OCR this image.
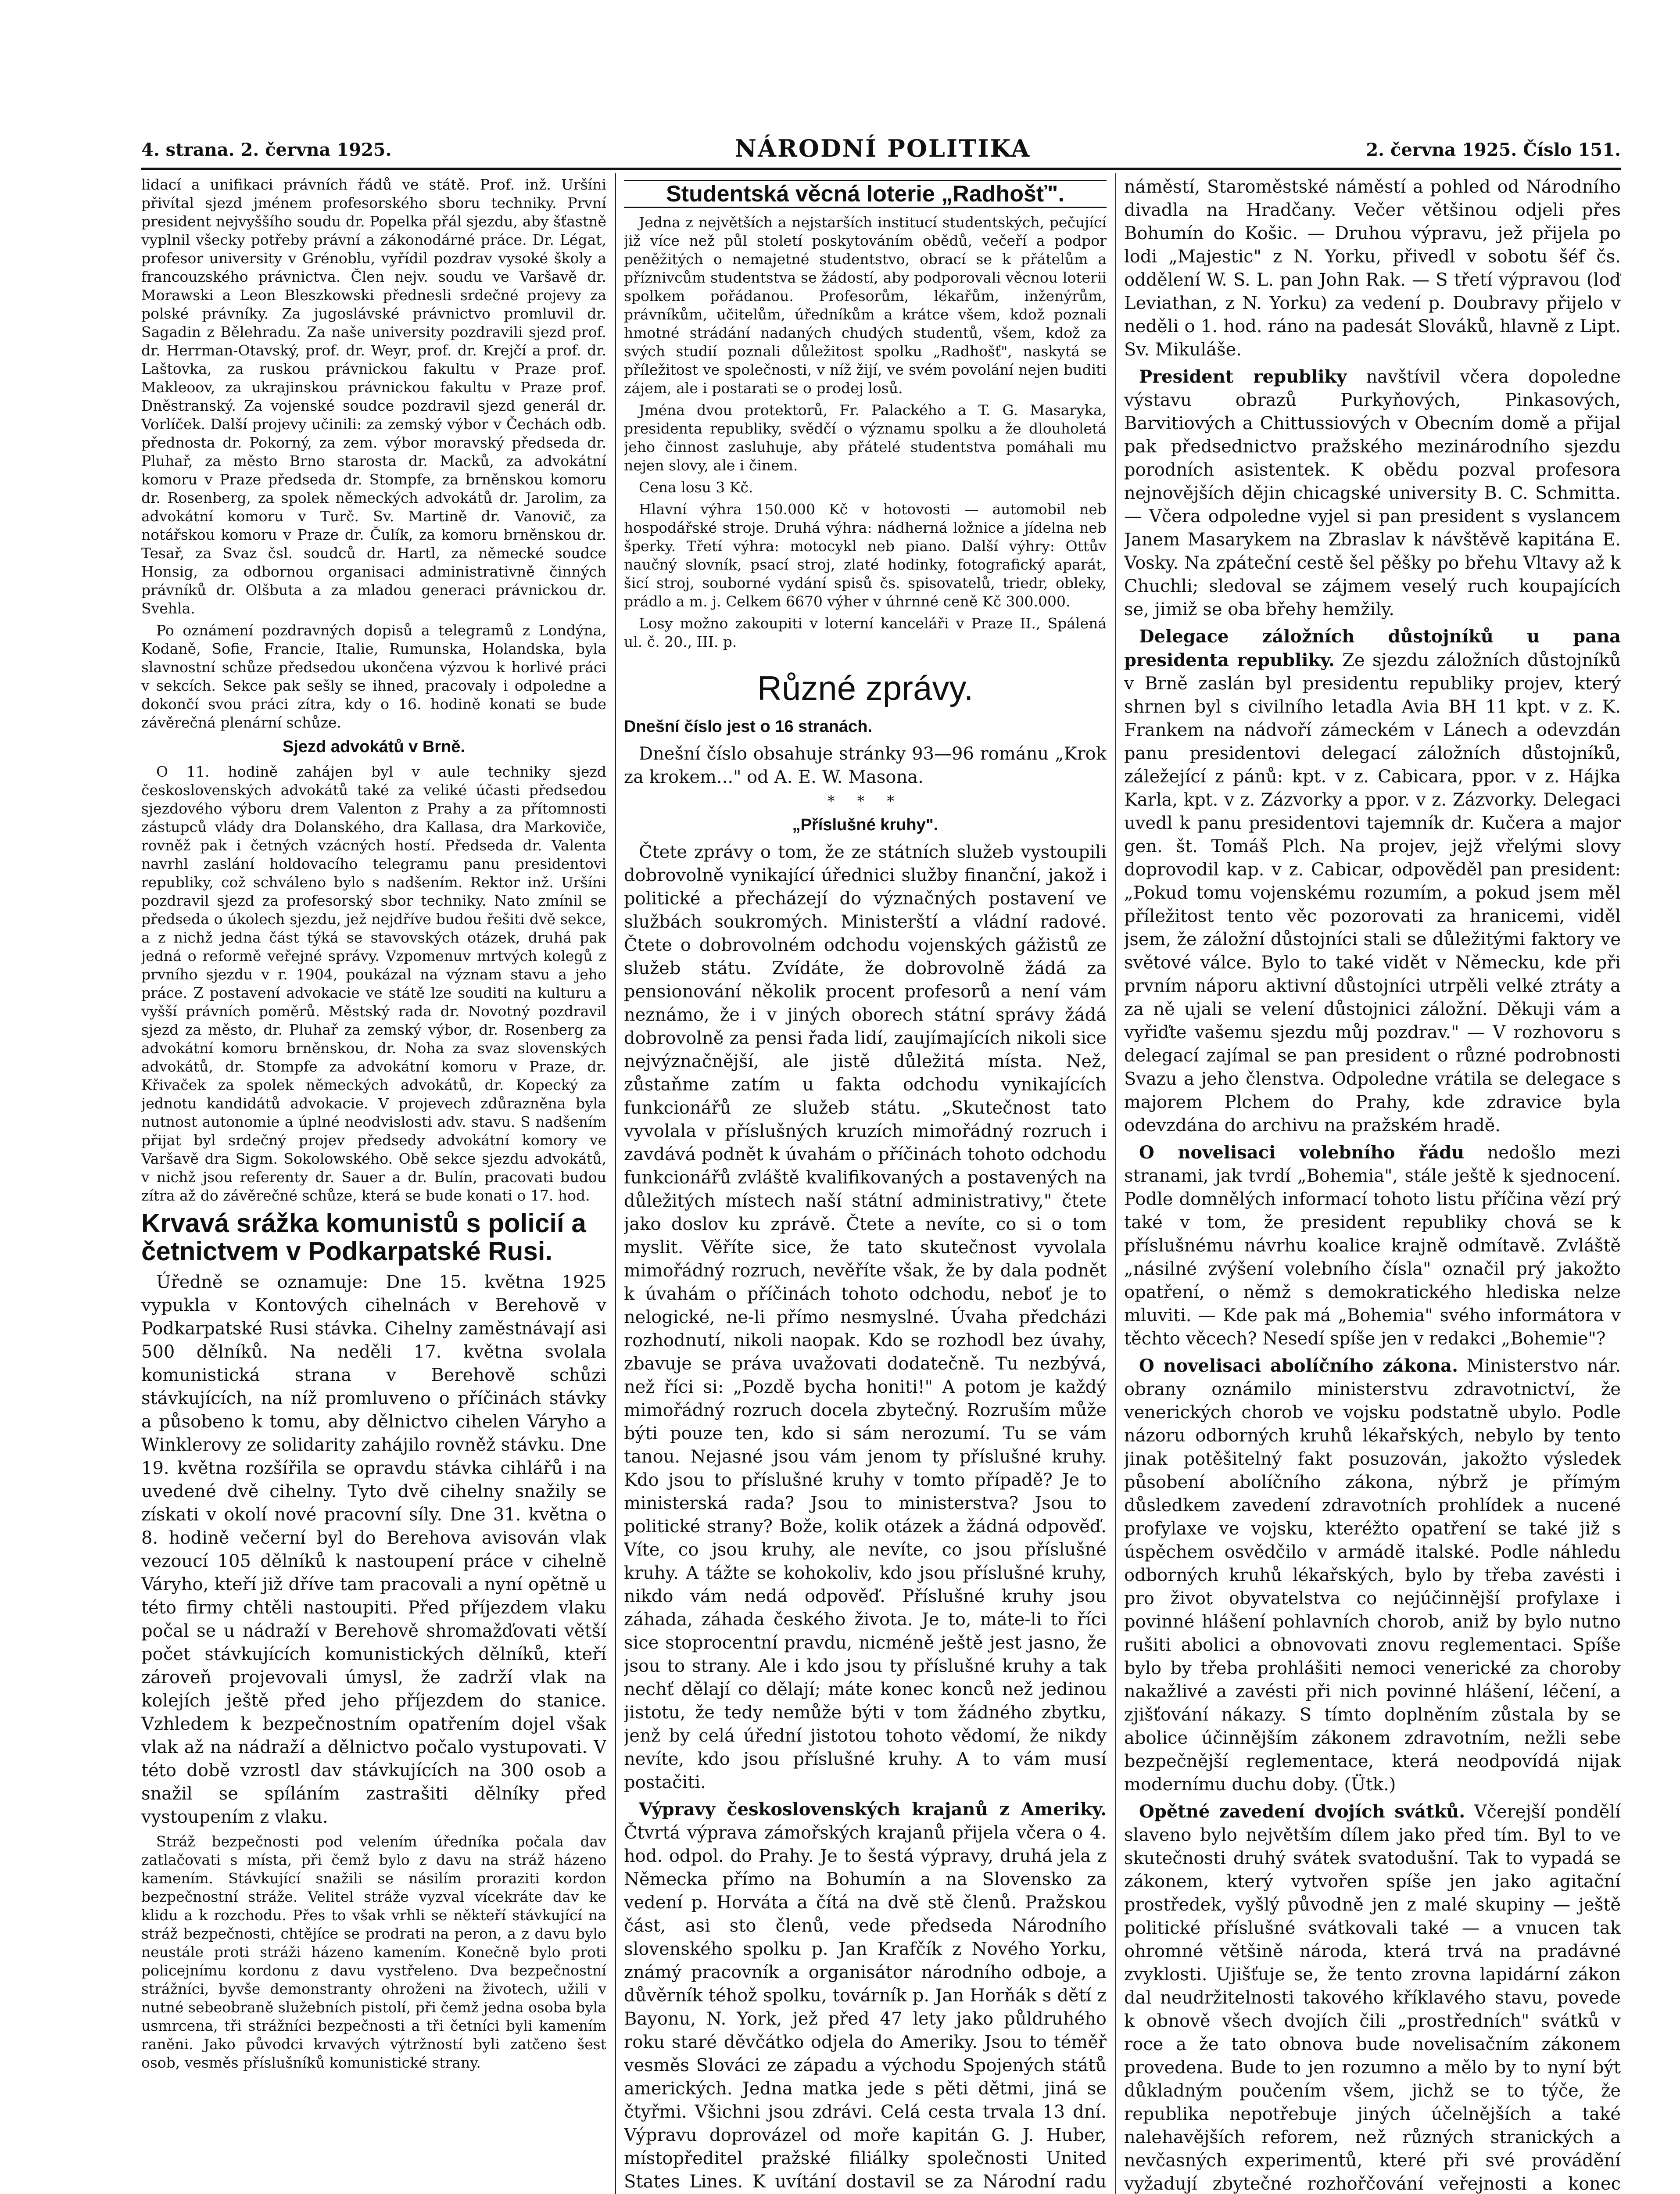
4. strana. 2. června 1925.	NÁRODNÍ POLITIKA	2. června 1925. Číslo 151.

lidací a unifikaci právních řádů ve státě. Prof. inž. Uršíni přivítal sjezd jménem profesorského sboru techniky. První president nejvyššího soudu dr. Popelka přál sjezdu, aby šťastně vyplnil všecky potřeby právní a zákonodárné práce. Dr. Légat, profesor university v Grénoblu, vyřídil pozdrav vysoké školy a francouzského právnictva. Člen nejv. soudu ve Varšavě dr. Morawski a Leon Bleszkowski přednesli srdečné projevy za polské právníky. Za jugoslávské právnictvo promluvil dr. Sagadin z Bělehradu. Za naše university pozdravili sjezd prof. dr. Herrman-Otavský, prof. dr. Weyr, prof. dr. Krejčí a prof. dr. Laštovka, za ruskou právnickou fakultu v Praze prof. Makleoov, za ukrajinskou právnickou fakultu v Praze prof. Dněstranský. Za vojenské soudce pozdravil sjezd generál dr. Vorlíček. Další projevy učinili: za zemský výbor v Čechách odb. přednosta dr. Pokorný, za zem. výbor moravský předseda dr. Pluhař, za město Brno starosta dr. Macků, za advokátní komoru v Praze předseda dr. Stompfe, za brněnskou komoru dr. Rosenberg, za spolek německých advokátů dr. Jarolim, za advokátní komoru v Turč. Sv. Martině dr. Vanovič, za notářskou komoru v Praze dr. Čulík, za komoru brněnskou dr. Tesař, za Svaz čsl. soudců dr. Hartl, za německé soudce Honsig, za odbornou organisaci administrativně činných právníků dr. Olšbuta a za mladou generaci právnickou dr. Svehla.

Po oznámení pozdravných dopisů a telegramů z Londýna, Kodaně, Sofie, Francie, Italie, Rumunska, Holandska, byla slavnostní schůze předsedou ukončena výzvou k horlivé práci v sekcích. Sekce pak sešly se ihned, pracovaly i odpoledne a dokončí svou práci zítra, kdy o 16. hodině konati se bude závěrečná plenární schůze.

Sjezd advokátů v Brně.

O 11. hodině zahájen byl v aule techniky sjezd československých advokátů také za veliké účasti předsedou sjezdového výboru drem Valenton z Prahy a za přítomnosti zástupců vlády dra Dolanského, dra Kallasa, dra Markoviče, rovněž pak i četných vzácných hostí. Předseda dr. Valenta navrhl zaslání holdovacího telegramu panu presidentovi republiky, což schváleno bylo s nadšením. Rektor inž. Uršíni pozdravil sjezd za profesorský sbor techniky. Nato zmínil se předseda o úkolech sjezdu, jež nejdříve budou řešiti dvě sekce, a z nichž jedna část týká se stavovských otázek, druhá pak jedná o reformě veřejné správy. Vzpomenuv mrtvých kolegů z prvního sjezdu v r. 1904, poukázal na význam stavu a jeho práce. Z postavení advokacie ve státě lze souditi na kulturu a vyšší právních poměrů. Městský rada dr. Novotný pozdravil sjezd za město, dr. Pluhař za zemský výbor, dr. Rosenberg za advokátní komoru brněnskou, dr. Noha za svaz slovenských advokátů, dr. Stompfe za advokátní komoru v Praze, dr. Křivaček za spolek německých advokátů, dr. Kopecký za jednotu kandidátů advokacie. V projevech zdůrazněna byla nutnost autonomie a úplné neodvislosti adv. stavu. S nadšením přijat byl srdečný projev předsedy advokátní komory ve Varšavě dra Sigm. Sokolowského. Obě sekce sjezdu advokátů, v nichž jsou referenty dr. Sauer a dr. Bulín, pracovati budou zítra až do závěrečné schůze, která se bude konati o 17. hod.

Krvavá srážka komunistů s policií a četnictvem v Podkarpatské Rusi.

Úředně se oznamuje: Dne 15. května 1925 vypukla v Kontových cihelnách v Berehově v Podkarpatské Rusi stávka. Cihelny zaměstnávají asi 500 dělníků. Na neděli 17. května svolala komunistická strana v Berehově schůzi stávkujících, na níž promluveno o příčinách stávky a působeno k tomu, aby dělnictvo cihelen Váryho a Winklerovy ze solidarity zahájilo rovněž stávku. Dne 19. května rozšířila se opravdu stávka cihlářů i na uvedené dvě cihelny. Tyto dvě cihelny snažily se získati v okolí nové pracovní síly. Dne 31. května o 8. hodině večerní byl do Berehova avisován vlak vezoucí 105 dělníků k nastoupení práce v cihelně Váryho, kteří již dříve tam pracovali a nyní opětně u této firmy chtěli nastoupiti. Před příjezdem vlaku počal se u nádraží v Berehově shromažďovati větší počet stávkujících komunistických dělníků, kteří zároveň projevovali úmysl, že zadrží vlak na kolejích ještě před jeho příjezdem do stanice. Vzhledem k bezpečnostním opatřením dojel však vlak až na nádraží a dělnictvo počalo vystupovati. V této době vzrostl dav stávkujících na 300 osob a snažil se spíláním zastrašiti dělníky před vystoupením z vlaku.

Stráž bezpečnosti pod velením úředníka počala dav zatlačovati s místa, při čemž bylo z davu na stráž házeno kamením. Stávkující snažili se násilím proraziti kordon bezpečnostní stráže. Velitel stráže vyzval vícekráte dav ke klidu a k rozchodu. Přes to však vrhli se někteří stávkující na stráž bezpečnosti, chtějíce se prodrati na peron, a z davu bylo neustále proti stráži házeno kamením. Konečně bylo proti policejnímu kordonu z davu vystřeleno. Dva bezpečnostní strážníci, byvše demonstranty ohroženi na životech, užili v nutné sebeobraně služebních pistolí, při čemž jedna osoba byla usmrcena, tři strážníci bezpečnosti a tři četníci byli kamením raněni. Jako původci krvavých výtržností byli zatčeno šest osob, vesměs příslušníků komunistické strany.

Studentská věcná loterie „Radhošť".

Jedna z největších a nejstarších institucí studentských, pečující již více než půl století poskytováním obědů, večeří a podpor peněžitých o nemajetné studentstvo, obrací se k přátelům a příznivcům studentstva se žádostí, aby podporovali věcnou loterii spolkem pořádanou. Profesorům, lékařům, inženýrům, právníkům, učitelům, úředníkům a krátce všem, kdož poznali hmotné strádání nadaných chudých studentů, všem, kdož za svých studií poznali důležitost spolku „Radhošť", naskytá se příležitost ve společnosti, v níž žijí, ve svém povolání nejen buditi zájem, ale i postarati se o prodej losů.

Jména dvou protektorů, Fr. Palackého a T. G. Masaryka, presidenta republiky, svědčí o významu spolku a že dlouholetá jeho činnost zasluhuje, aby přátelé studentstva pomáhali mu nejen slovy, ale i činem.

Cena losu 3 Kč.

Hlavní výhra 150.000 Kč v hotovosti — automobil neb hospodářské stroje. Druhá výhra: nádherná ložnice a jídelna neb šperky. Třetí výhra: motocykl neb piano. Další výhry: Ottův naučný slovník, psací stroj, zlaté hodinky, fotografický aparát, šicí stroj, souborné vydání spisů čs. spisovatelů, triedr, obleky, prádlo a m. j. Celkem 6670 výher v úhrnné ceně Kč 300.000.

Losy možno zakoupiti v loterní kanceláři v Praze II., Spálená ul. č. 20., III. p.

Různé zprávy.
Dnešní číslo jest o 16 stranách.

Dnešní číslo obsahuje stránky 93—96 románu „Krok za krokem..." od A. E. W. Masona.

* * *
„Příslušné kruhy".

Čtete zprávy o tom, že ze státních služeb vystoupili dobrovolně vynikající úřednici služby finanční, jakož i politické a přecházejí do význačných postavení ve službách soukromých. Ministerští a vládní radové. Čtete o dobrovolném odchodu vojenských gážistů ze služeb státu. Zvídáte, že dobrovolně žádá za pensionování několik procent profesorů a není vám neznámo, že i v jiných oborech státní správy žádá dobrovolně za pensi řada lidí, zaujímajících nikoli sice nejvýznačnější, ale jistě důležitá místa. Než, zůstaňme zatím u fakta odchodu vynikajících funkcionářů ze služeb státu. „Skutečnost tato vyvolala v příslušných kruzích mimořádný rozruch i zavdává podnět k úvahám o příčinách tohoto odchodu funkcionářů zvláště kvalifikovaných a postavených na důležitých místech naší státní administrativy," čtete jako doslov ku zprávě. Čtete a nevíte, co si o tom myslit. Věříte sice, že tato skutečnost vyvolala mimořádný rozruch, nevěříte však, že by dala podnět k úvahám o příčinách tohoto odchodu, neboť je to nelogické, ne-li přímo nesmyslné. Úvaha předcházi rozhodnutí, nikoli naopak. Kdo se rozhodl bez úvahy, zbavuje se práva uvažovati dodatečně. Tu nezbývá, než říci si: „Pozdě bycha honiti!" A potom je každý mimořádný rozruch docela zbytečný. Rozruším může býti pouze ten, kdo si sám nerozumí. Tu se vám tanou. Nejasné jsou vám jenom ty příslušné kruhy. Kdo jsou to příslušné kruhy v tomto případě? Je to ministerská rada? Jsou to ministerstva? Jsou to politické strany? Bože, kolik otázek a žádná odpověď. Víte, co jsou kruhy, ale nevíte, co jsou příslušné kruhy. A tážte se kohokoliv, kdo jsou příslušné kruhy, nikdo vám nedá odpověď. Příslušné kruhy jsou záhada, záhada českého života. Je to, máte-li to říci sice stoprocentní pravdu, nicméně ještě jest jasno, že jsou to strany. Ale i kdo jsou ty příslušné kruhy a tak nechť dělají co dělají; máte konec konců než jedinou jistotu, že tedy nemůže býti v tom žádného zbytku, jenž by celá úřední jistotou tohoto vědomí, že nikdy nevíte, kdo jsou příslušné kruhy. A to vám musí postačiti.

Výpravy československých krajanů z Ameriky. Čtvrtá výprava zámořských krajanů přijela včera o 4. hod. odpol. do Prahy. Je to šestá výpravy, druhá jela z Německa přímo na Bohumín a na Slovensko za vedení p. Horváta a čítá na dvě stě členů. Pražskou část, asi sto členů, vede předseda Národního slovenského spolku p. Jan Krafčík z Nového Yorku, známý pracovník a organisátor národního odboje, a důvěrník téhož spolku, továrník p. Jan Horňák s dětí z Bayonu, N. York, jež před 47 lety jako půldruhého roku staré děvčátko odjela do Ameriky. Jsou to téměř vesměs Slováci ze západu a východu Spojených států amerických. Jedna matka jede s pěti dětmi, jiná se čtyřmi. Všichni jsou zdrávi. Celá cesta trvala 13 dní. Výpravu doprovázel od moře kapitán G. J. Huber, místopředitel pražské filiálky společnosti United States Lines. K uvítání dostavil se za Národní radu

náměstí, Staroměstské náměstí a pohled od Národního divadla na Hradčany. Večer většinou odjeli přes Bohumín do Košic. — Druhou výpravu, jež přijela po lodi „Majestic" z N. Yorku, přivedl v sobotu šéf čs. oddělení W. S. L. pan John Rak. — S třetí výpravou (loď Leviathan, z N. Yorku) za vedení p. Doubravy přijelo v neděli o 1. hod. ráno na padesát Slováků, hlavně z Lipt. Sv. Mikuláše.

President republiky navštívil včera dopoledne výstavu obrazů Purkyňových, Pinkasových, Barvitiových a Chittussiových v Obecním domě a přijal pak předsednictvo pražského mezinárodního sjezdu porodních asistentek. K obědu pozval profesora nejnovějších dějin chicagské university B. C. Schmitta. — Včera odpoledne vyjel si pan president s vyslancem Janem Masarykem na Zbraslav k návštěvě kapitána E. Vosky. Na zpáteční cestě šel pěšky po břehu Vltavy až k Chuchli; sledoval se zájmem veselý ruch koupajících se, jimiž se oba břehy hemžily.

Delegace záložních důstojníků u pana presidenta republiky. Ze sjezdu záložních důstojníků v Brně zaslán byl presidentu republiky projev, který shrnen byl s civilního letadla Avia BH 11 kpt. v z. K. Frankem na nádvoří zámeckém v Lánech a odevzdán panu presidentovi delegací záložních důstojníků, záležející z pánů: kpt. v z. Cabicara, ppor. v z. Hájka Karla, kpt. v z. Zázvorky a ppor. v z. Zázvorky. Delegaci uvedl k panu presidentovi tajemník dr. Kučera a major gen. št. Tomáš Plch. Na projev, jejž vřelými slovy doprovodil kap. v z. Cabicar, odpověděl pan president: „Pokud tomu vojenskému rozumím, a pokud jsem měl příležitost tento věc pozorovati za hranicemi, viděl jsem, že záložní důstojníci stali se důležitými faktory ve světové válce. Bylo to také vidět v Německu, kde při prvním náporu aktivní důstojníci utrpěli velké ztráty a za ně ujali se velení důstojnici záložní. Děkuji vám a vyřiďte vašemu sjezdu můj pozdrav." — V rozhovoru s delegací zajímal se pan president o různé podrobnosti Svazu a jeho členstva. Odpoledne vrátila se delegace s majorem Plchem do Prahy, kde zdravice byla odevzdána do archivu na pražském hradě.

O novelisaci volebního řádu nedošlo mezi stranami, jak tvrdí „Bohemia", stále ještě k sjednocení. Podle domnělých informací tohoto listu příčina vězí prý také v tom, že president republiky chová se k příslušnému návrhu koalice krajně odmítavě. Zvláště „násilné zvýšení volebního čísla" označil prý jakožto opatření, o němž s demokratického hlediska nelze mluviti. — Kde pak má „Bohemia" svého informátora v těchto věcech? Nesedí spíše jen v redakci „Bohemie"?

O novelisaci abolíčního zákona. Ministerstvo nár. obrany oznámilo ministerstvu zdravotnictví, že venerických chorob ve vojsku podstatně ubylo. Podle názoru odborných kruhů lékařských, nebylo by tento jinak potěšitelný fakt posuzován, jakožto výsledek působení abolíčního zákona, nýbrž je přímým důsledkem zavedení zdravotních prohlídek a nucené profylaxe ve vojsku, kteréžto opatření se také již s úspěchem osvědčilo v armádě italské. Podle náhledu odborných kruhů lékařských, bylo by třeba zavésti i pro život obyvatelstva co nejúčinnější profylaxe i povinné hlášení pohlavních chorob, aniž by bylo nutno rušiti abolici a obnovovati znovu reglementaci. Spíše bylo by třeba prohlášiti nemoci venerické za choroby nakažlivé a zavésti při nich povinné hlášení, léčení, a zjišťování nákazy. S tímto doplněním zůstala by se abolice účinnějším zákonem zdravotním, nežli sebe bezpečnější reglementace, která neodpovídá nijak modernímu duchu doby. (Ütk.)

Opětné zavedení dvojích svátků. Včerejší pondělí slaveno bylo největším dílem jako před tím. Byl to ve skutečnosti druhý svátek svatodušní. Tak to vypadá se zákonem, který vytvořen spíše jen jako agitační prostředek, vyšlý původně jen z malé skupiny — ještě politické příslušné svátkovali také — a vnucen tak ohromné většině národa, která trvá na pradávné zvyklosti. Ujišťuje se, že tento zrovna lapidární zákon dal neudržitelnosti takového kříklavého stavu, povede k obnově všech dvojích čili „prostředních" svátků v roce a že tato obnova bude novelisačním zákonem provedena. Bude to jen rozumno a mělo by to nyní být důkladným poučením všem, jichž se to týče, že republika nepotřebuje jiných účelnějších a také nalehavějších reforem, než různých stranických a nevčasných experimentů, které při své provádění vyžadují zbytečné rozhořčování veřejnosti a konec
